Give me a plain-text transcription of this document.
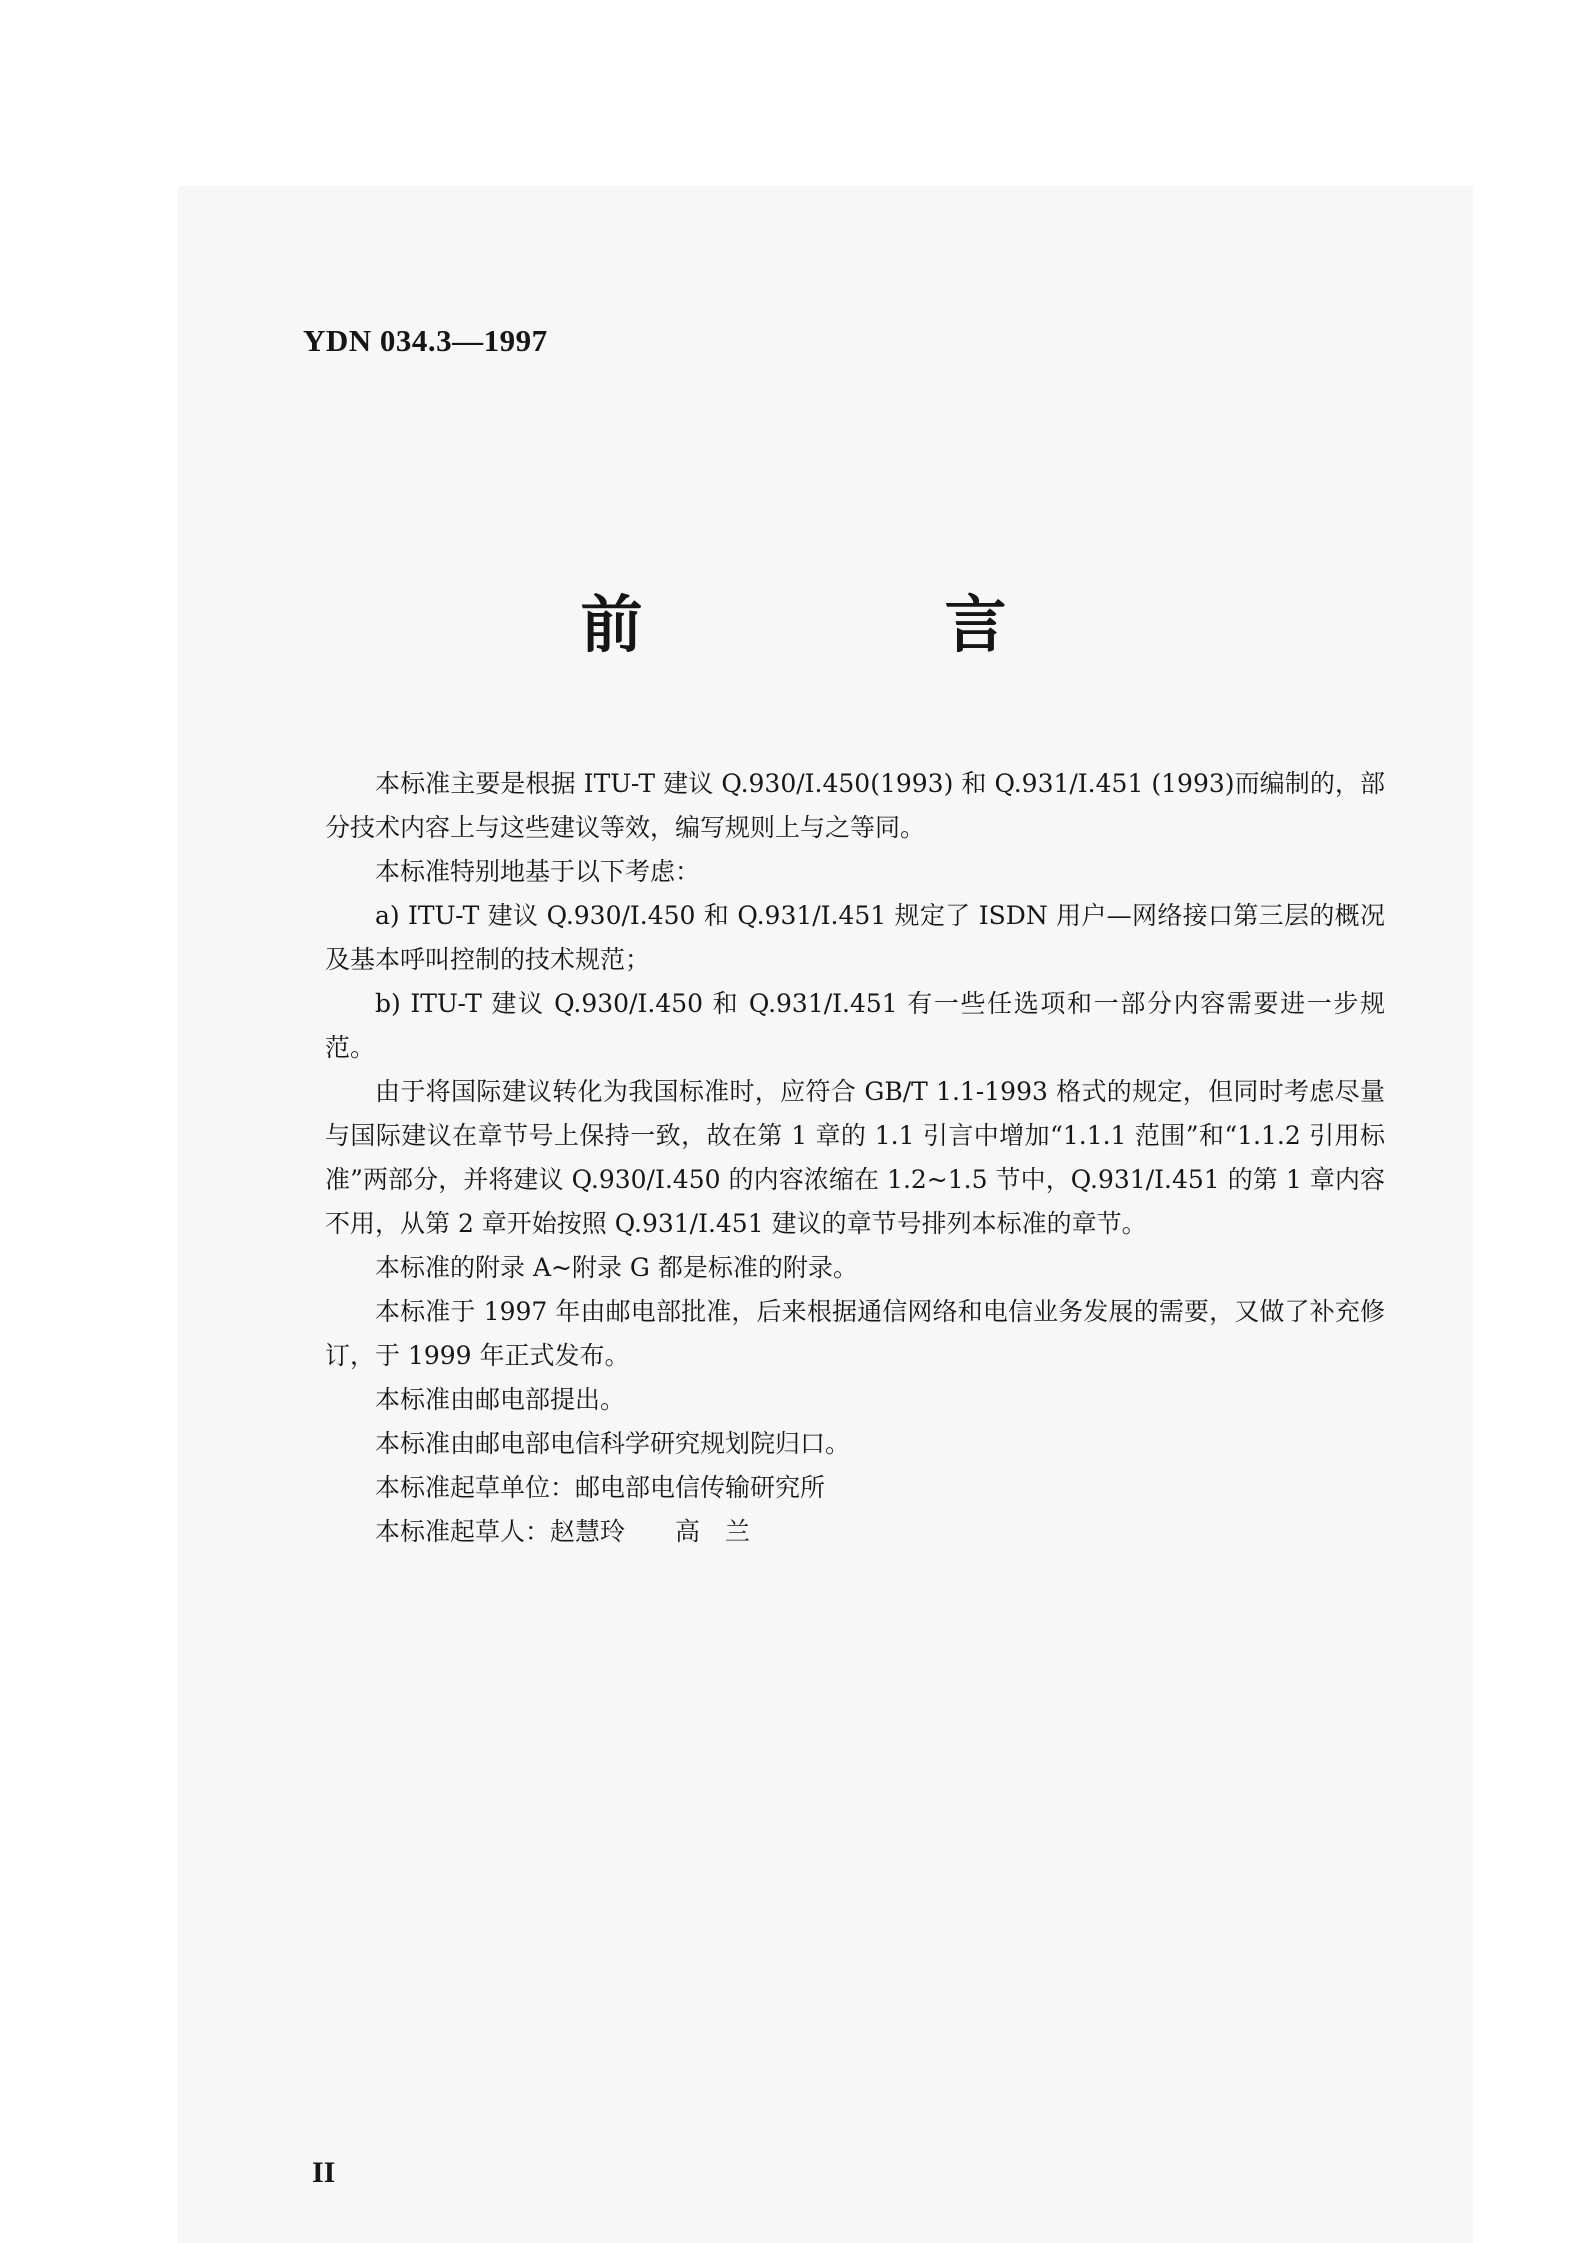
YDN 034.3—1997

前　言

本标准主要是根据 ITU-T 建议 Q.930/I.450(1993) 和 Q.931/I.451 (1993)而编制的，部分技术内容上与这些建议等效，编写规则上与之等同。

本标准特别地基于以下考虑：

a) ITU-T 建议 Q.930/I.450 和 Q.931/I.451 规定了 ISDN 用户—网络接口第三层的概况及基本呼叫控制的技术规范；

b) ITU-T 建议 Q.930/I.450 和 Q.931/I.451 有一些任选项和一部分内容需要进一步规范。

由于将国际建议转化为我国标准时，应符合 GB/T 1.1-1993 格式的规定，但同时考虑尽量与国际建议在章节号上保持一致，故在第 1 章的 1.1 引言中增加“1.1.1 范围”和“1.1.2 引用标准”两部分，并将建议 Q.930/I.450 的内容浓缩在 1.2~1.5 节中，Q.931/I.451 的第 1 章内容不用，从第 2 章开始按照 Q.931/I.451 建议的章节号排列本标准的章节。

本标准的附录 A~附录 G 都是标准的附录。

本标准于 1997 年由邮电部批准，后来根据通信网络和电信业务发展的需要，又做了补充修订，于 1999 年正式发布。

本标准由邮电部提出。

本标准由邮电部电信科学研究规划院归口。

本标准起草单位：邮电部电信传输研究所

本标准起草人：赵慧玲　　高　兰

II
